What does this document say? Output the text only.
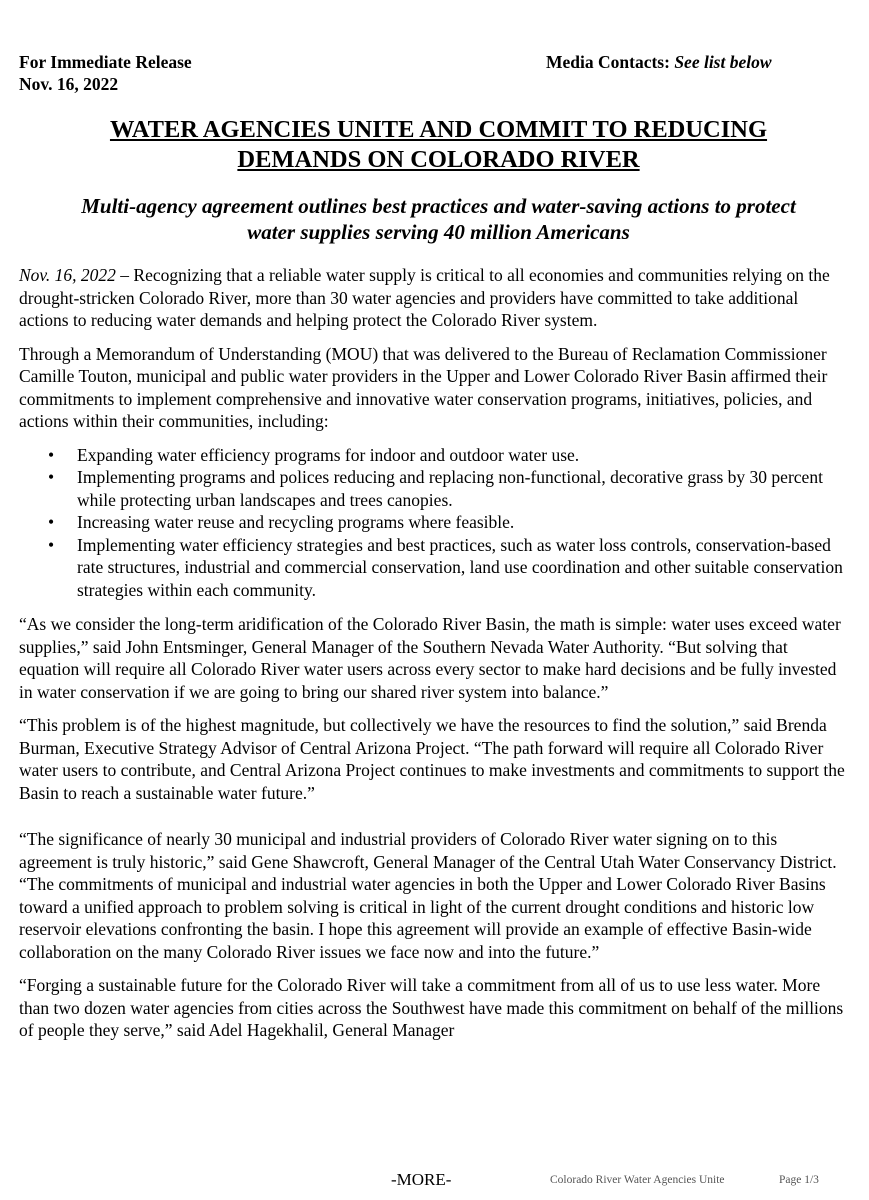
For Immediate Release
Nov. 16, 2022
Media Contacts: See list below
WATER AGENCIES UNITE AND COMMIT TO REDUCING
DEMANDS ON COLORADO RIVER
Multi-agency agreement outlines best practices and water-saving actions to protect
water supplies serving 40 million Americans

Nov. 16, 2022 – Recognizing that a reliable water supply is critical to all economies and communities relying on the drought-stricken Colorado River, more than 30 water agencies and providers have committed to take additional actions to reducing water demands and helping protect the Colorado River system.

Through a Memorandum of Understanding (MOU) that was delivered to the Bureau of Reclamation Commissioner Camille Touton, municipal and public water providers in the Upper and Lower Colorado River Basin affirmed their commitments to implement comprehensive and innovative water conservation programs, initiatives, policies, and actions within their communities, including:

• Expanding water efficiency programs for indoor and outdoor water use.
• Implementing programs and polices reducing and replacing non-functional, decorative grass by 30 percent while protecting urban landscapes and trees canopies.
• Increasing water reuse and recycling programs where feasible.
• Implementing water efficiency strategies and best practices, such as water loss controls, conservation-based rate structures, industrial and commercial conservation, land use coordination and other suitable conservation strategies within each community.

“As we consider the long-term aridification of the Colorado River Basin, the math is simple: water uses exceed water supplies,” said John Entsminger, General Manager of the Southern Nevada Water Authority. “But solving that equation will require all Colorado River water users across every sector to make hard decisions and be fully invested in water conservation if we are going to bring our shared river system into balance.”

“This problem is of the highest magnitude, but collectively we have the resources to find the solution,” said Brenda Burman, Executive Strategy Advisor of Central Arizona Project. “The path forward will require all Colorado River water users to contribute, and Central Arizona Project continues to make investments and commitments to support the Basin to reach a sustainable water future.”

“The significance of nearly 30 municipal and industrial providers of Colorado River water signing on to this agreement is truly historic,” said Gene Shawcroft, General Manager of the Central Utah Water Conservancy District. “The commitments of municipal and industrial water agencies in both the Upper and Lower Colorado River Basins toward a unified approach to problem solving is critical in light of the current drought conditions and historic low reservoir elevations confronting the basin. I hope this agreement will provide an example of effective Basin-wide collaboration on the many Colorado River issues we face now and into the future.”

“Forging a sustainable future for the Colorado River will take a commitment from all of us to use less water. More than two dozen water agencies from cities across the Southwest have made this commitment on behalf of the millions of people they serve,” said Adel Hagekhalil, General Manager

-MORE-	Colorado River Water Agencies Unite	Page 1/3
